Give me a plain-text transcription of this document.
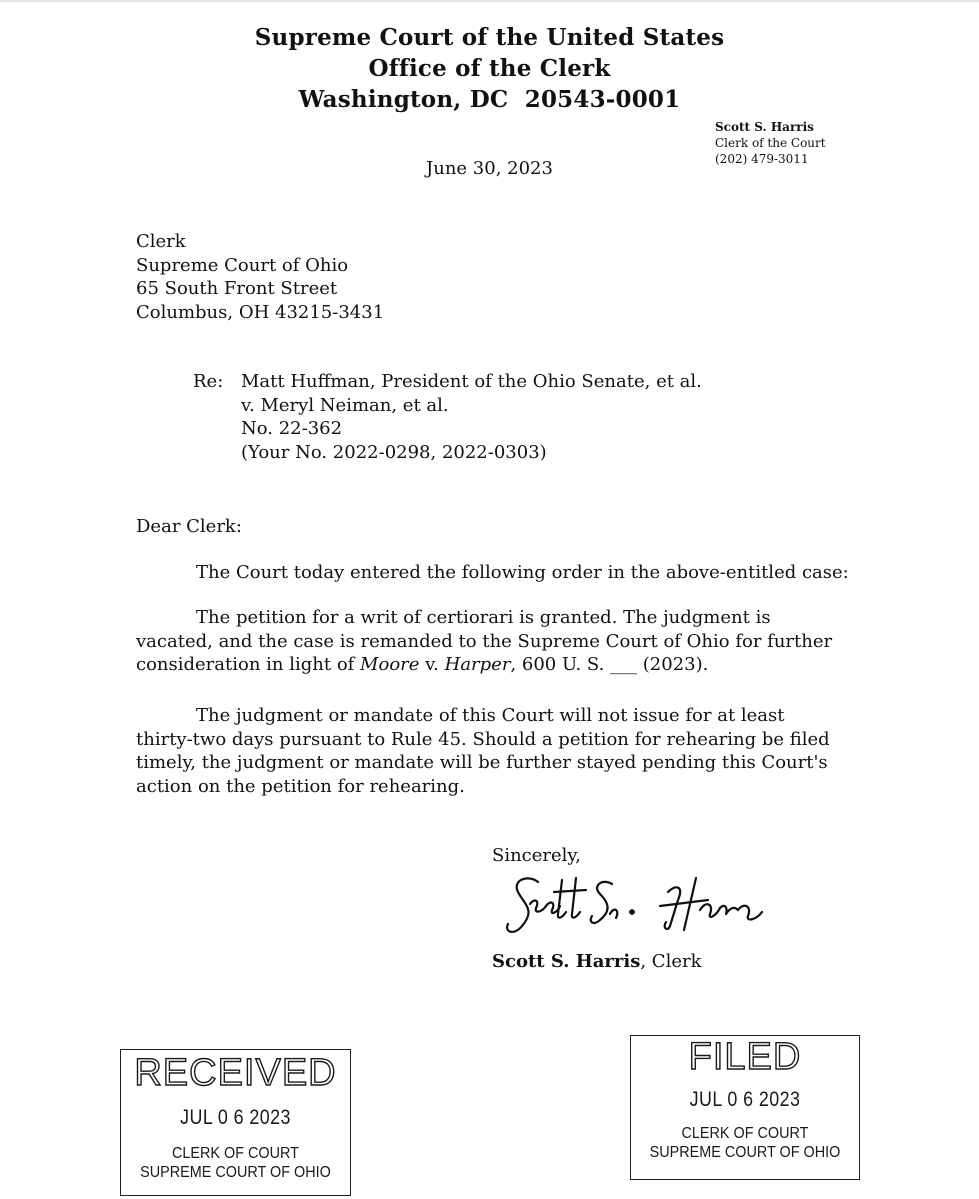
Supreme Court of the United States
Office of the Clerk
Washington, DC  20543-0001
Scott S. Harris
Clerk of the Court
(202) 479-3011
June 30, 2023
Clerk
Supreme Court of Ohio
65 South Front Street
Columbus, OH 43215-3431
Re: Matt Huffman, President of the Ohio Senate, et al.
v. Meryl Neiman, et al.
No. 22-362
(Your No. 2022-0298, 2022-0303)
Dear Clerk:
The Court today entered the following order in the above-entitled case:
The petition for a writ of certiorari is granted. The judgment is
vacated, and the case is remanded to the Supreme Court of Ohio for further
consideration in light of Moore v. Harper, 600 U. S. ___ (2023).
The judgment or mandate of this Court will not issue for at least
thirty-two days pursuant to Rule 45. Should a petition for rehearing be filed
timely, the judgment or mandate will be further stayed pending this Court's
action on the petition for rehearing.
Sincerely,
Scott S. Harris, Clerk
RECEIVED
JUL 0 6 2023
CLERK OF COURT
SUPREME COURT OF OHIO
FILED
JUL 0 6 2023
CLERK OF COURT
SUPREME COURT OF OHIO
